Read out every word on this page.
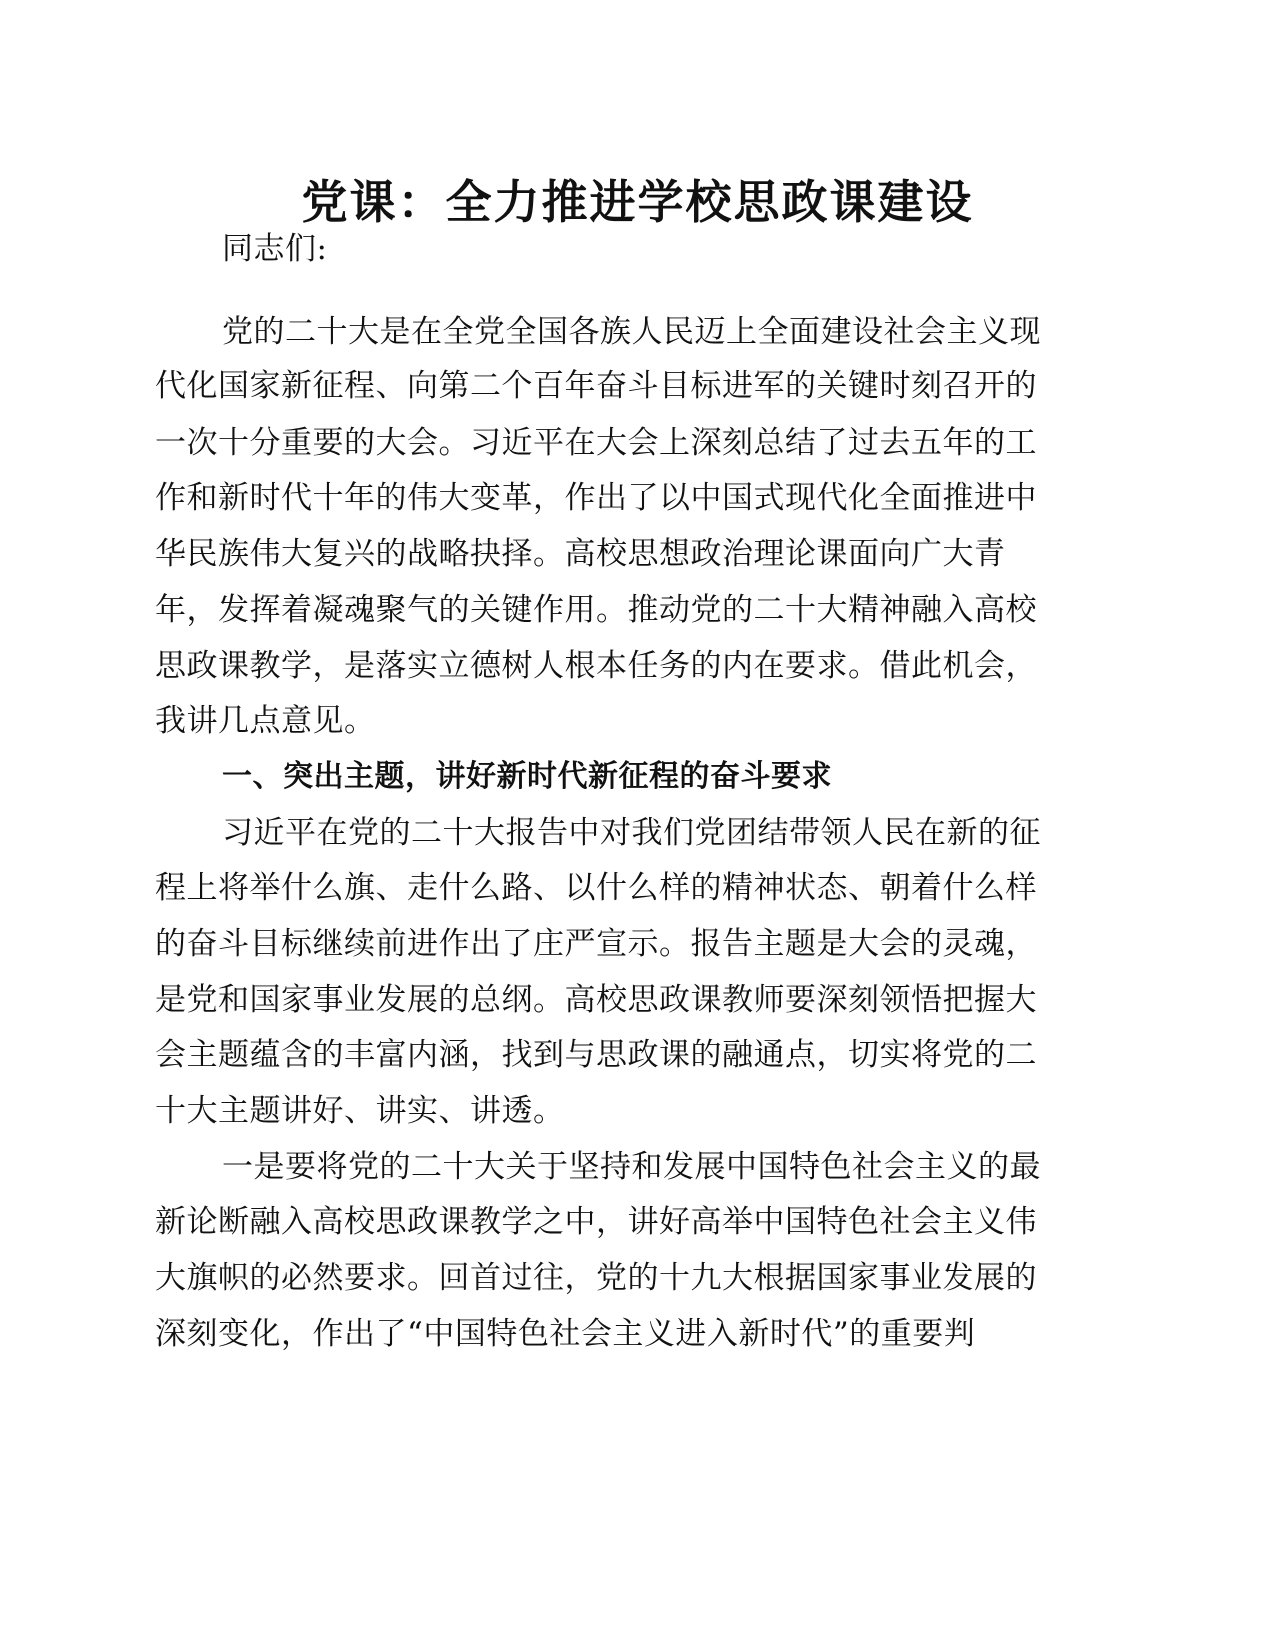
党课：全力推进学校思政课建设
同志们:
党的二十大是在全党全国各族人民迈上全面建设社会主义现
代化国家新征程、向第二个百年奋斗目标进军的关键时刻召开的
一次十分重要的大会。习近平在大会上深刻总结了过去五年的工
作和新时代十年的伟大变革，作出了以中国式现代化全面推进中
华民族伟大复兴的战略抉择。高校思想政治理论课面向广大青
年，发挥着凝魂聚气的关键作用。推动党的二十大精神融入高校
思政课教学，是落实立德树人根本任务的内在要求。借此机会，
我讲几点意见。
一、突出主题，讲好新时代新征程的奋斗要求
习近平在党的二十大报告中对我们党团结带领人民在新的征
程上将举什么旗、走什么路、以什么样的精神状态、朝着什么样
的奋斗目标继续前进作出了庄严宣示。报告主题是大会的灵魂，
是党和国家事业发展的总纲。高校思政课教师要深刻领悟把握大
会主题蕴含的丰富内涵，找到与思政课的融通点，切实将党的二
十大主题讲好、讲实、讲透。
一是要将党的二十大关于坚持和发展中国特色社会主义的最
新论断融入高校思政课教学之中，讲好高举中国特色社会主义伟
大旗帜的必然要求。回首过往，党的十九大根据国家事业发展的
深刻变化，作出了“中国特色社会主义进入新时代”的重要判
